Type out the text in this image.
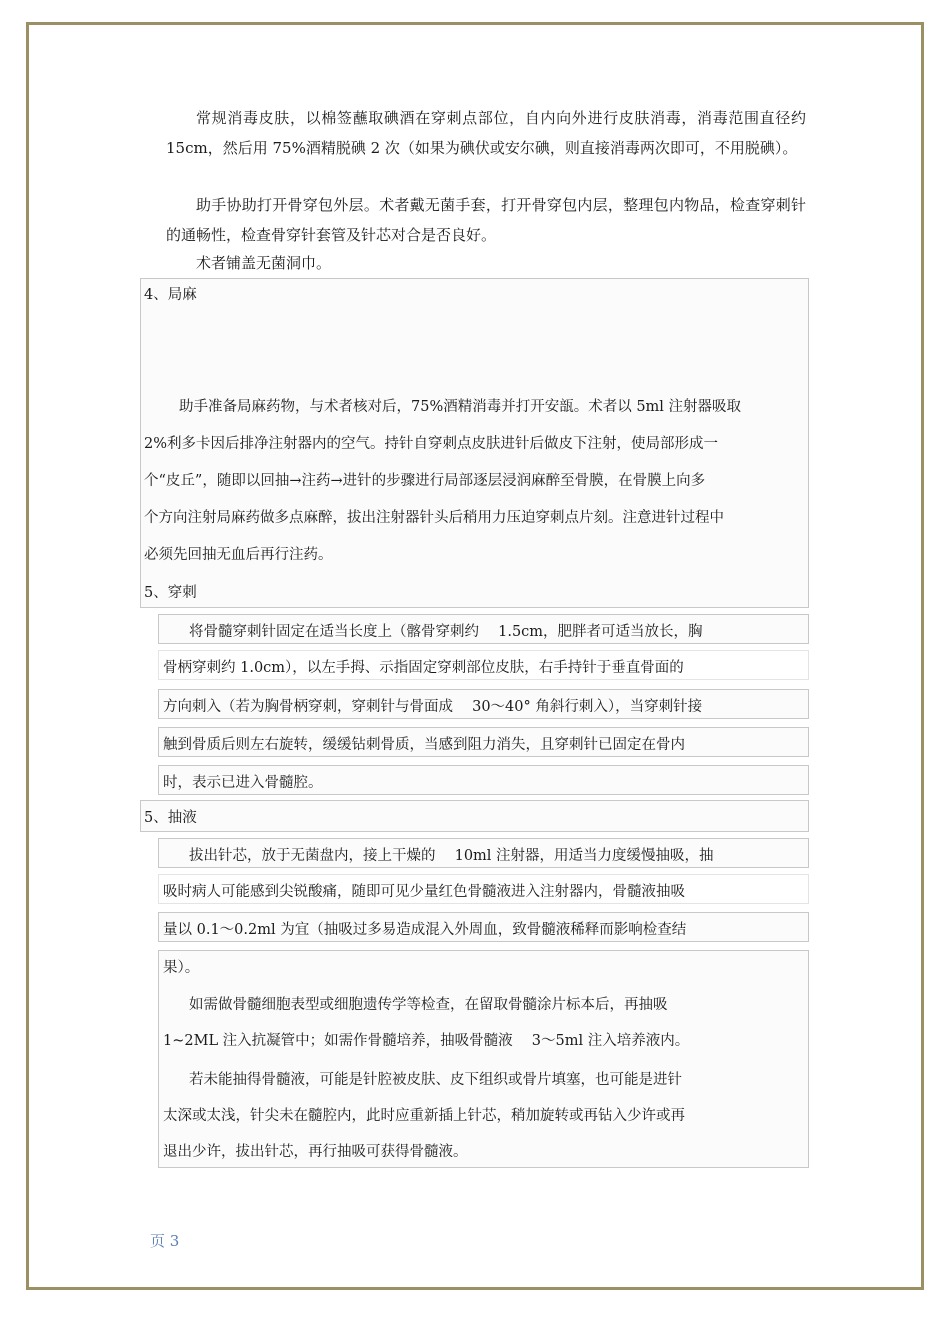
常规消毒皮肤，以棉签蘸取碘酒在穿刺点部位，自内向外进行皮肤消毒，消毒范围直径约 15cm，然后用 75%酒精脱碘 2 次（如果为碘伏或安尔碘，则直接消毒两次即可，不用脱碘）。

助手协助打开骨穿包外层。术者戴无菌手套，打开骨穿包内层，整理包内物品，检查穿刺针的通畅性，检查骨穿针套管及针芯对合是否良好。

术者铺盖无菌洞巾。

4、局麻
助手准备局麻药物，与术者核对后，75%酒精消毒并打开安瓿。术者以 5ml 注射器吸取
2%利多卡因后排净注射器内的空气。持针自穿刺点皮肤进针后做皮下注射，使局部形成一
个“皮丘”，随即以回抽→注药→进针的步骤进行局部逐层浸润麻醉至骨膜，在骨膜上向多
个方向注射局麻药做多点麻醉，拔出注射器针头后稍用力压迫穿刺点片刻。注意进针过程中
必须先回抽无血后再行注药。
5、穿刺
将骨髓穿刺针固定在适当长度上（髂骨穿刺约　 1.5cm，肥胖者可适当放长，胸
骨柄穿刺约 1.0cm），以左手拇、示指固定穿刺部位皮肤，右手持针于垂直骨面的
方向刺入（若为胸骨柄穿刺，穿刺针与骨面成　 30～40° 角斜行刺入），当穿刺针接
触到骨质后则左右旋转，缓缓钻刺骨质，当感到阻力消失，且穿刺针已固定在骨内
时，表示已进入骨髓腔。
5、抽液
拔出针芯，放于无菌盘内，接上干燥的　 10ml 注射器，用适当力度缓慢抽吸，抽
吸时病人可能感到尖锐酸痛，随即可见少量红色骨髓液进入注射器内，骨髓液抽吸
量以 0.1～0.2ml 为宜（抽吸过多易造成混入外周血，致骨髓液稀释而影响检查结
果）。
如需做骨髓细胞表型或细胞遗传学等检查，在留取骨髓涂片标本后，再抽吸
1~2ML 注入抗凝管中；如需作骨髓培养，抽吸骨髓液　 3～5ml 注入培养液内。
若未能抽得骨髓液，可能是针腔被皮肤、皮下组织或骨片填塞，也可能是进针
太深或太浅，针尖未在髓腔内，此时应重新插上针芯，稍加旋转或再钻入少许或再
退出少许，拔出针芯，再行抽吸可获得骨髓液。
页 3
